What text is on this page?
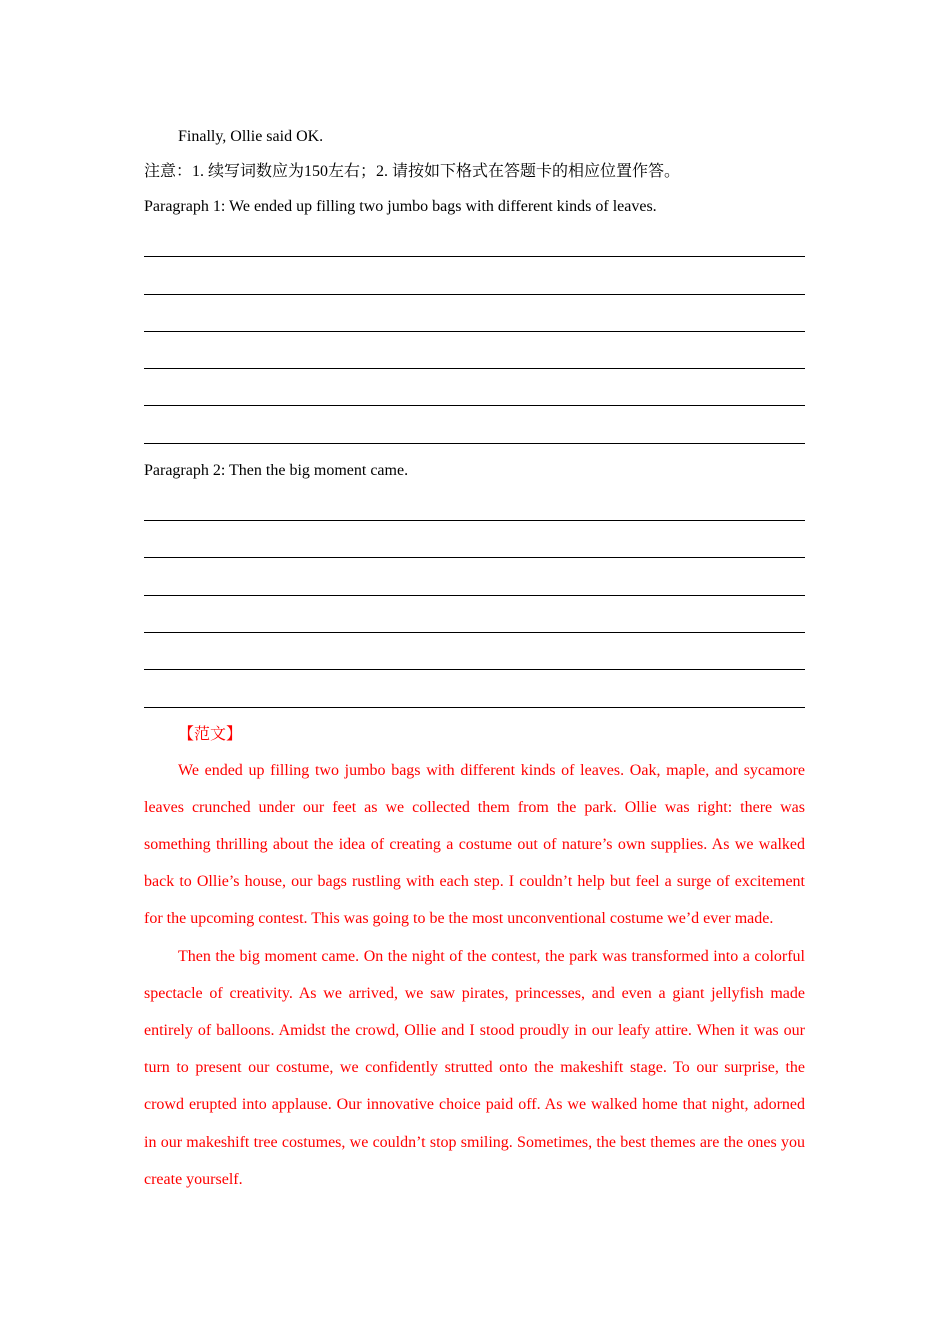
Finally, Ollie said OK.
注意：1. 续写词数应为150左右；2. 请按如下格式在答题卡的相应位置作答。
Paragraph 1: We ended up filling two jumbo bags with different kinds of leaves.
Paragraph 2: Then the big moment came.
【范文】

We ended up filling two jumbo bags with different kinds of leaves. Oak, maple, and sycamore leaves crunched under our feet as we collected them from the park. Ollie was right: there was something thrilling about the idea of creating a costume out of nature’s own supplies. As we walked back to Ollie’s house, our bags rustling with each step. I couldn’t help but feel a surge of excitement for the upcoming contest. This was going to be the most unconventional costume we’d ever made.

Then the big moment came. On the night of the contest, the park was transformed into a colorful spectacle of creativity. As we arrived, we saw pirates, princesses, and even a giant jellyfish made entirely of balloons. Amidst the crowd, Ollie and I stood proudly in our leafy attire. When it was our turn to present our costume, we confidently strutted onto the makeshift stage. To our surprise, the crowd erupted into applause. Our innovative choice paid off. As we walked home that night, adorned in our makeshift tree costumes, we couldn’t stop smiling. Sometimes, the best themes are the ones you create yourself.
